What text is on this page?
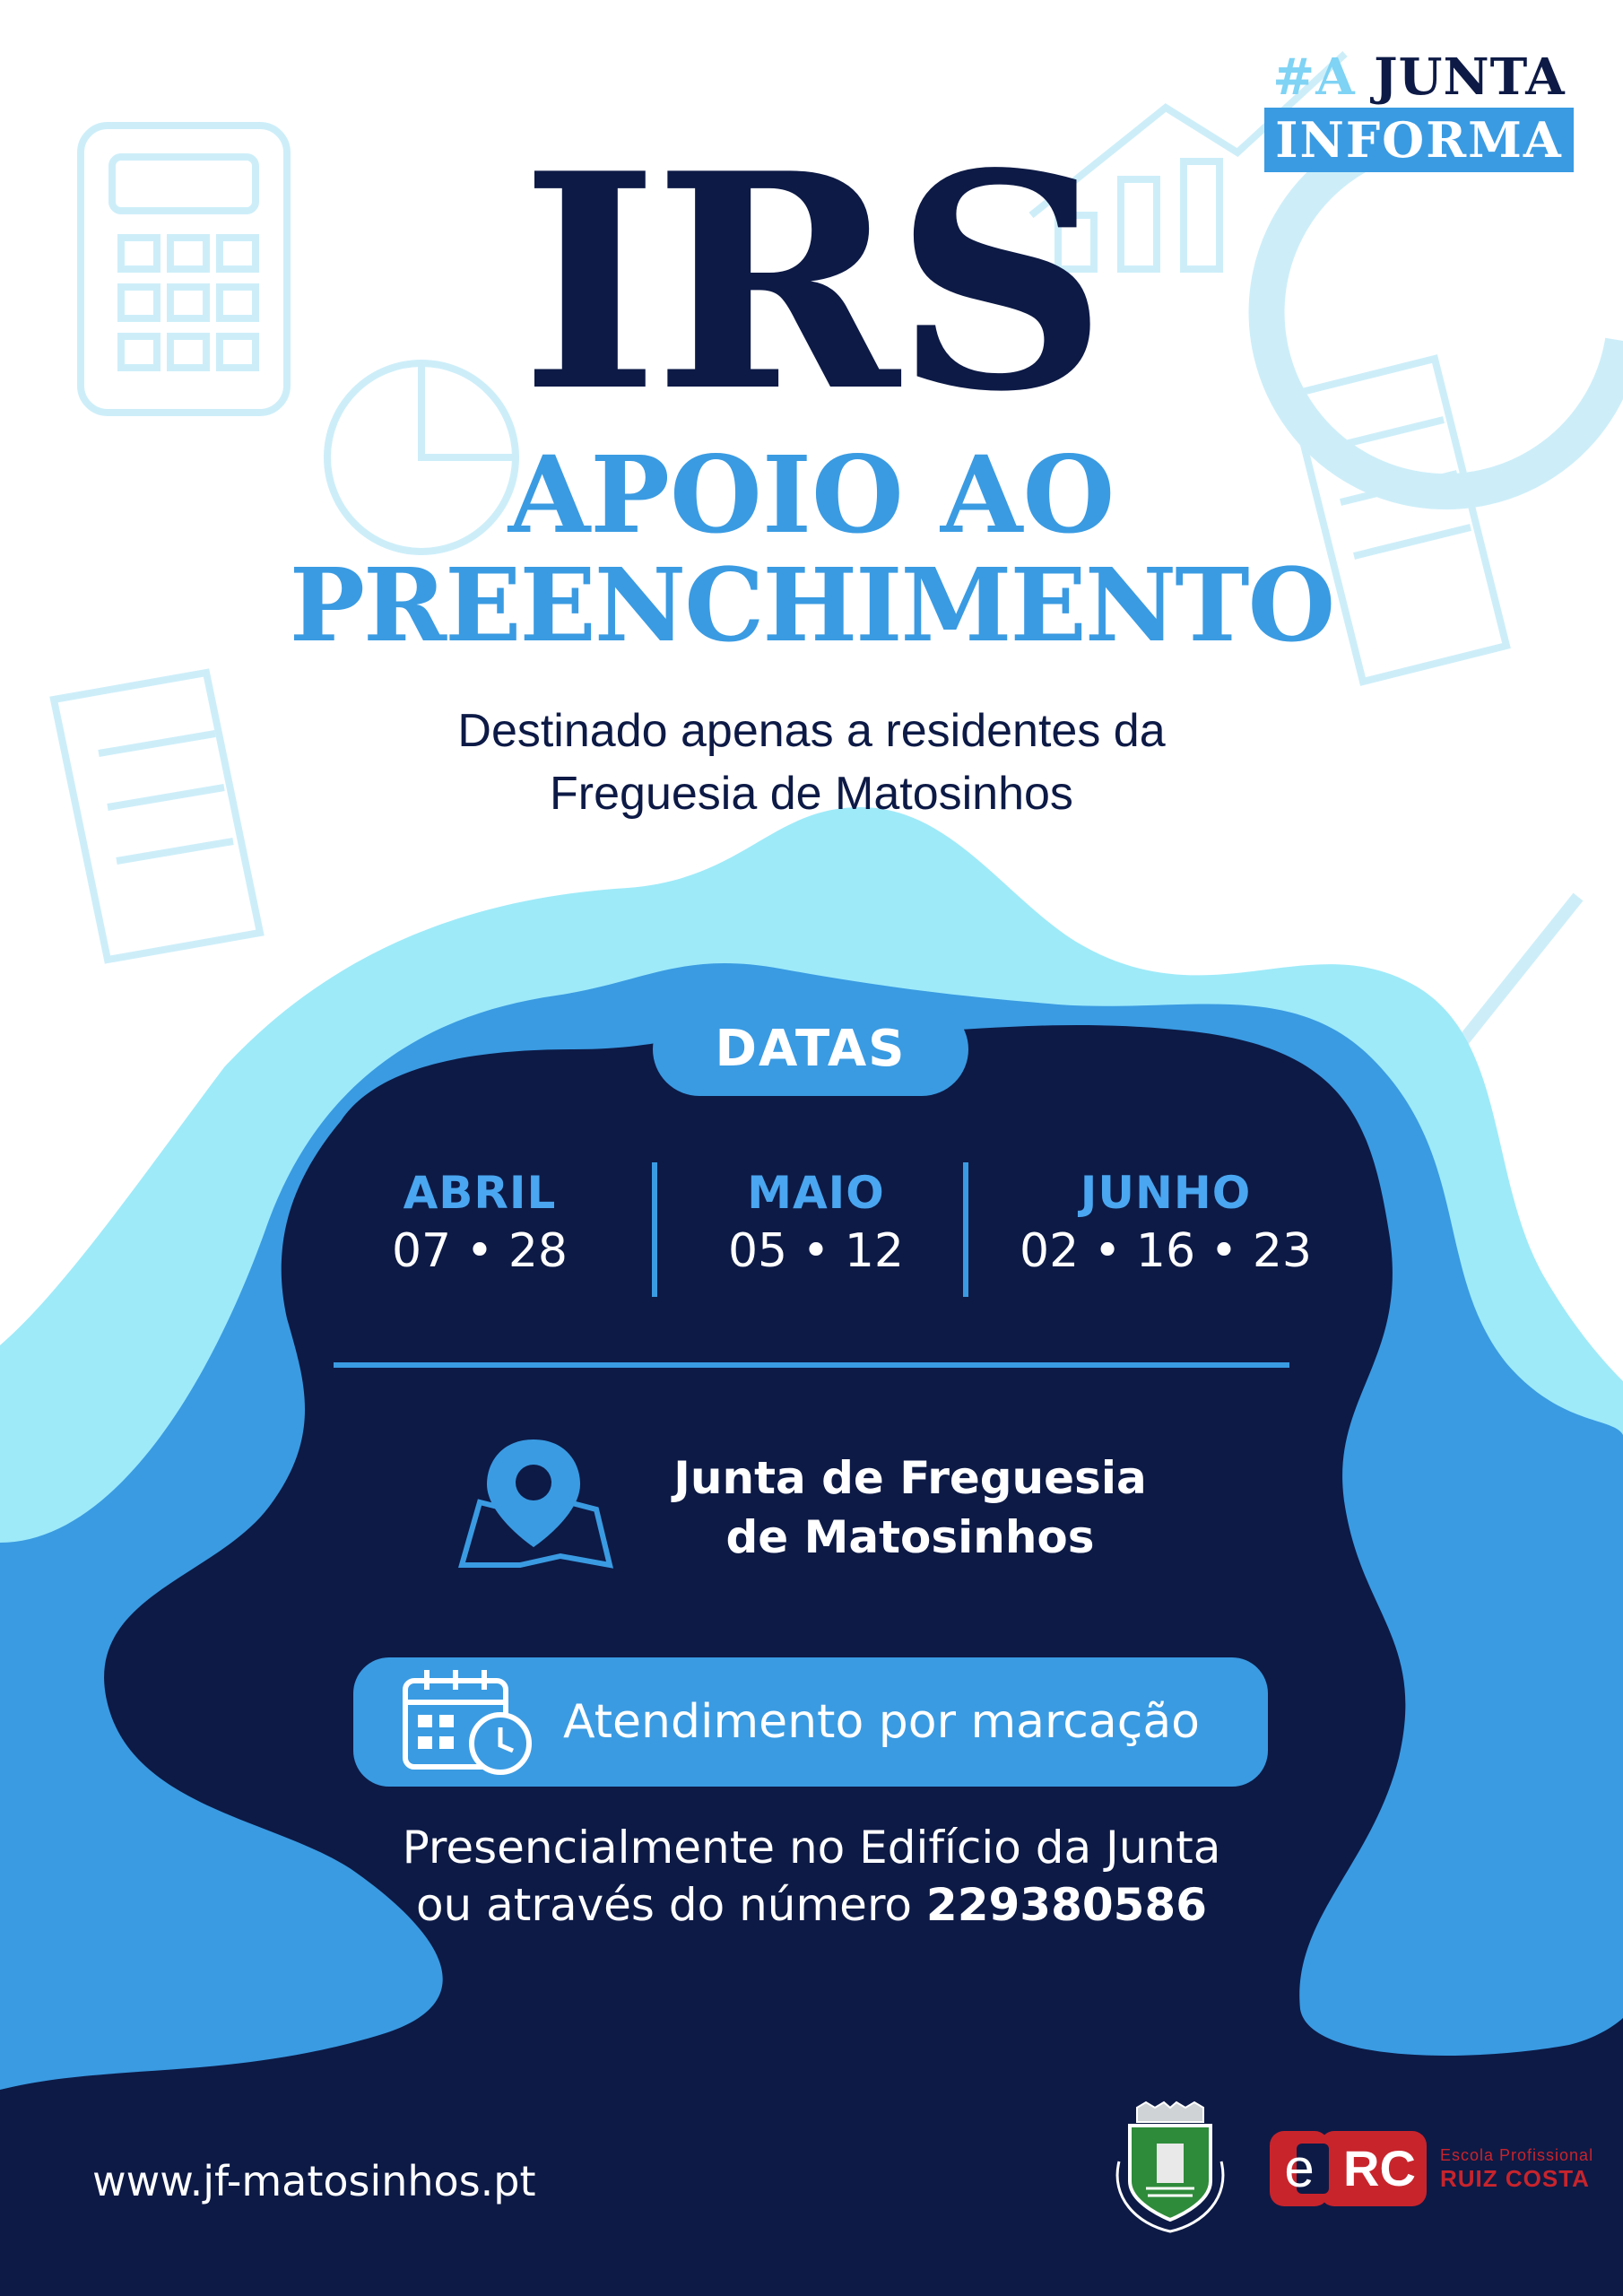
#A JUNTA
INFORMA
IRS
APOIO AO
PREENCHIMENTO
Destinado apenas a residentes da
Freguesia de Matosinhos
DATAS
ABRIL
07 • 28
MAIO
05 • 12
JUNHO
02 • 16 • 23
Junta de Freguesia
de Matosinhos
Atendimento por marcação
Presencialmente no Edifício da Junta
ou através do número 229380586
www.jf-matosinhos.pt	e RC	Escola Profissional
RUIZ COSTA
